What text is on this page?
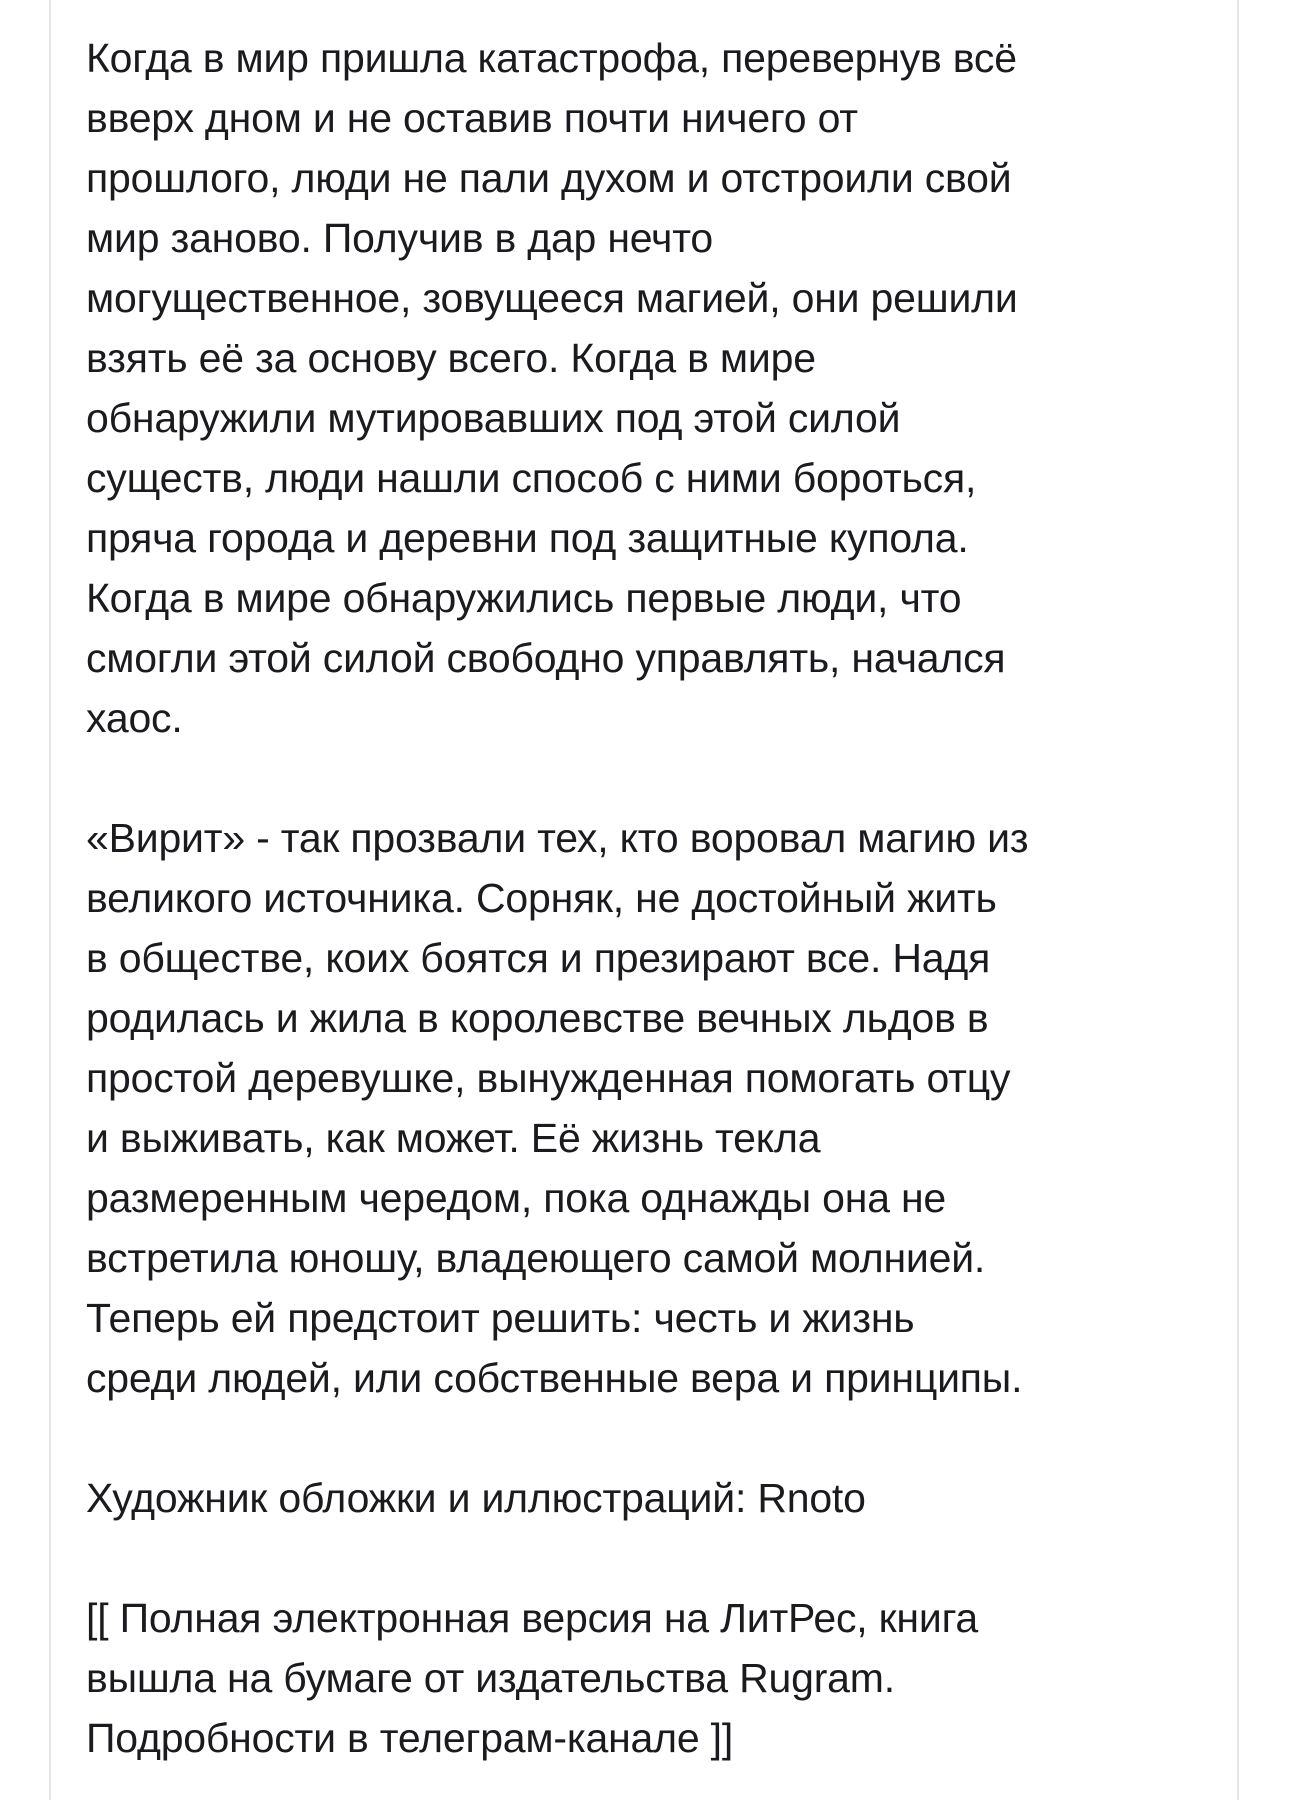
Когда в мир пришла катастрофа, перевернув всё
вверх дном и не оставив почти ничего от
прошлого, люди не пали духом и отстроили свой
мир заново. Получив в дар нечто
могущественное, зовущееся магией, они решили
взять её за основу всего. Когда в мире
обнаружили мутировавших под этой силой
существ, люди нашли способ с ними бороться,
пряча города и деревни под защитные купола.
Когда в мире обнаружились первые люди, что
смогли этой силой свободно управлять, начался
хаос.

«Вирит» - так прозвали тех, кто воровал магию из
великого источника. Сорняк, не достойный жить
в обществе, коих боятся и презирают все. Надя
родилась и жила в королевстве вечных льдов в
простой деревушке, вынужденная помогать отцу
и выживать, как может. Её жизнь текла
размеренным чередом, пока однажды она не
встретила юношу, владеющего самой молнией.
Теперь ей предстоит решить: честь и жизнь
среди людей, или собственные вера и принципы.

Художник обложки и иллюстраций: Rnoto

[[ Полная электронная версия на ЛитРес, книга
вышла на бумаге от издательства Rugram.
Подробности в телеграм-канале ]]
